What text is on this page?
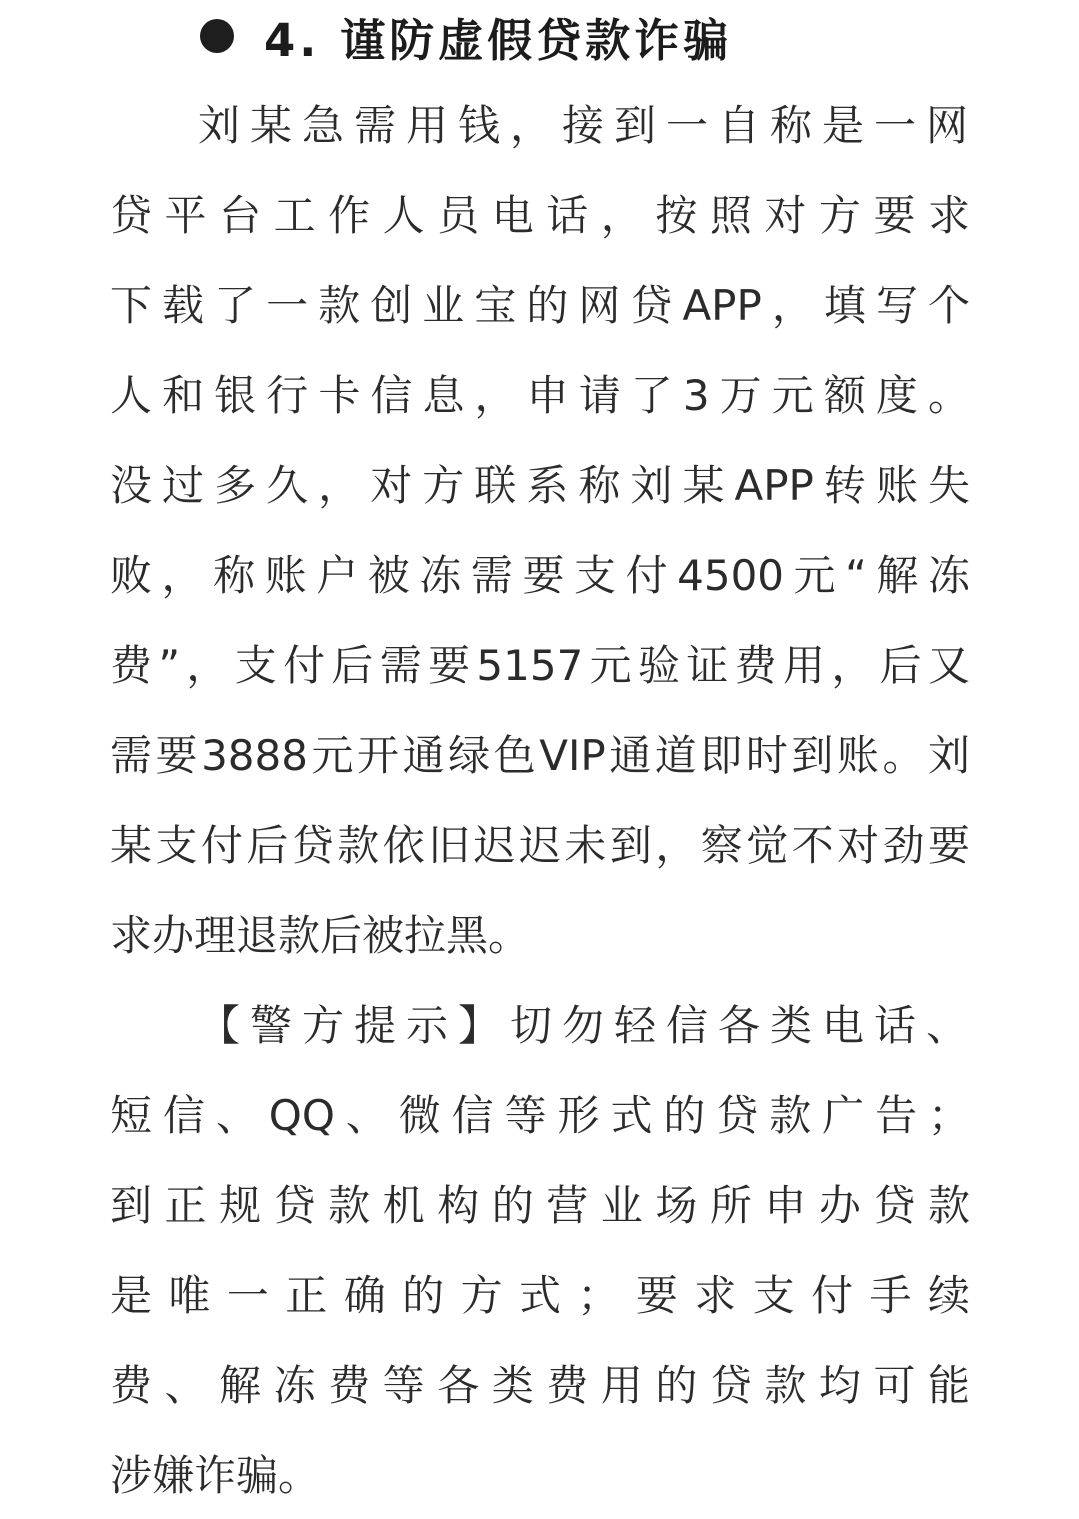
4. 谨防虚假贷款诈骗
刘某急需用钱，接到一自称是一网
贷平台工作人员电话，按照对方要求
下载了一款创业宝的网贷APP，填写个
人和银行卡信息，申请了3万元额度。
没过多久，对方联系称刘某APP转账失
败，称账户被冻需要支付4500元“解冻
费”，支付后需要5157元验证费用，后又
需要3888元开通绿色VIP通道即时到账。刘
某支付后贷款依旧迟迟未到，察觉不对劲要
求办理退款后被拉黑。
【警方提示】切勿轻信各类电话、
短信、QQ、微信等形式的贷款广告；
到正规贷款机构的营业场所申办贷款
是唯一正确的方式；要求支付手续
费、解冻费等各类费用的贷款均可能
涉嫌诈骗。
